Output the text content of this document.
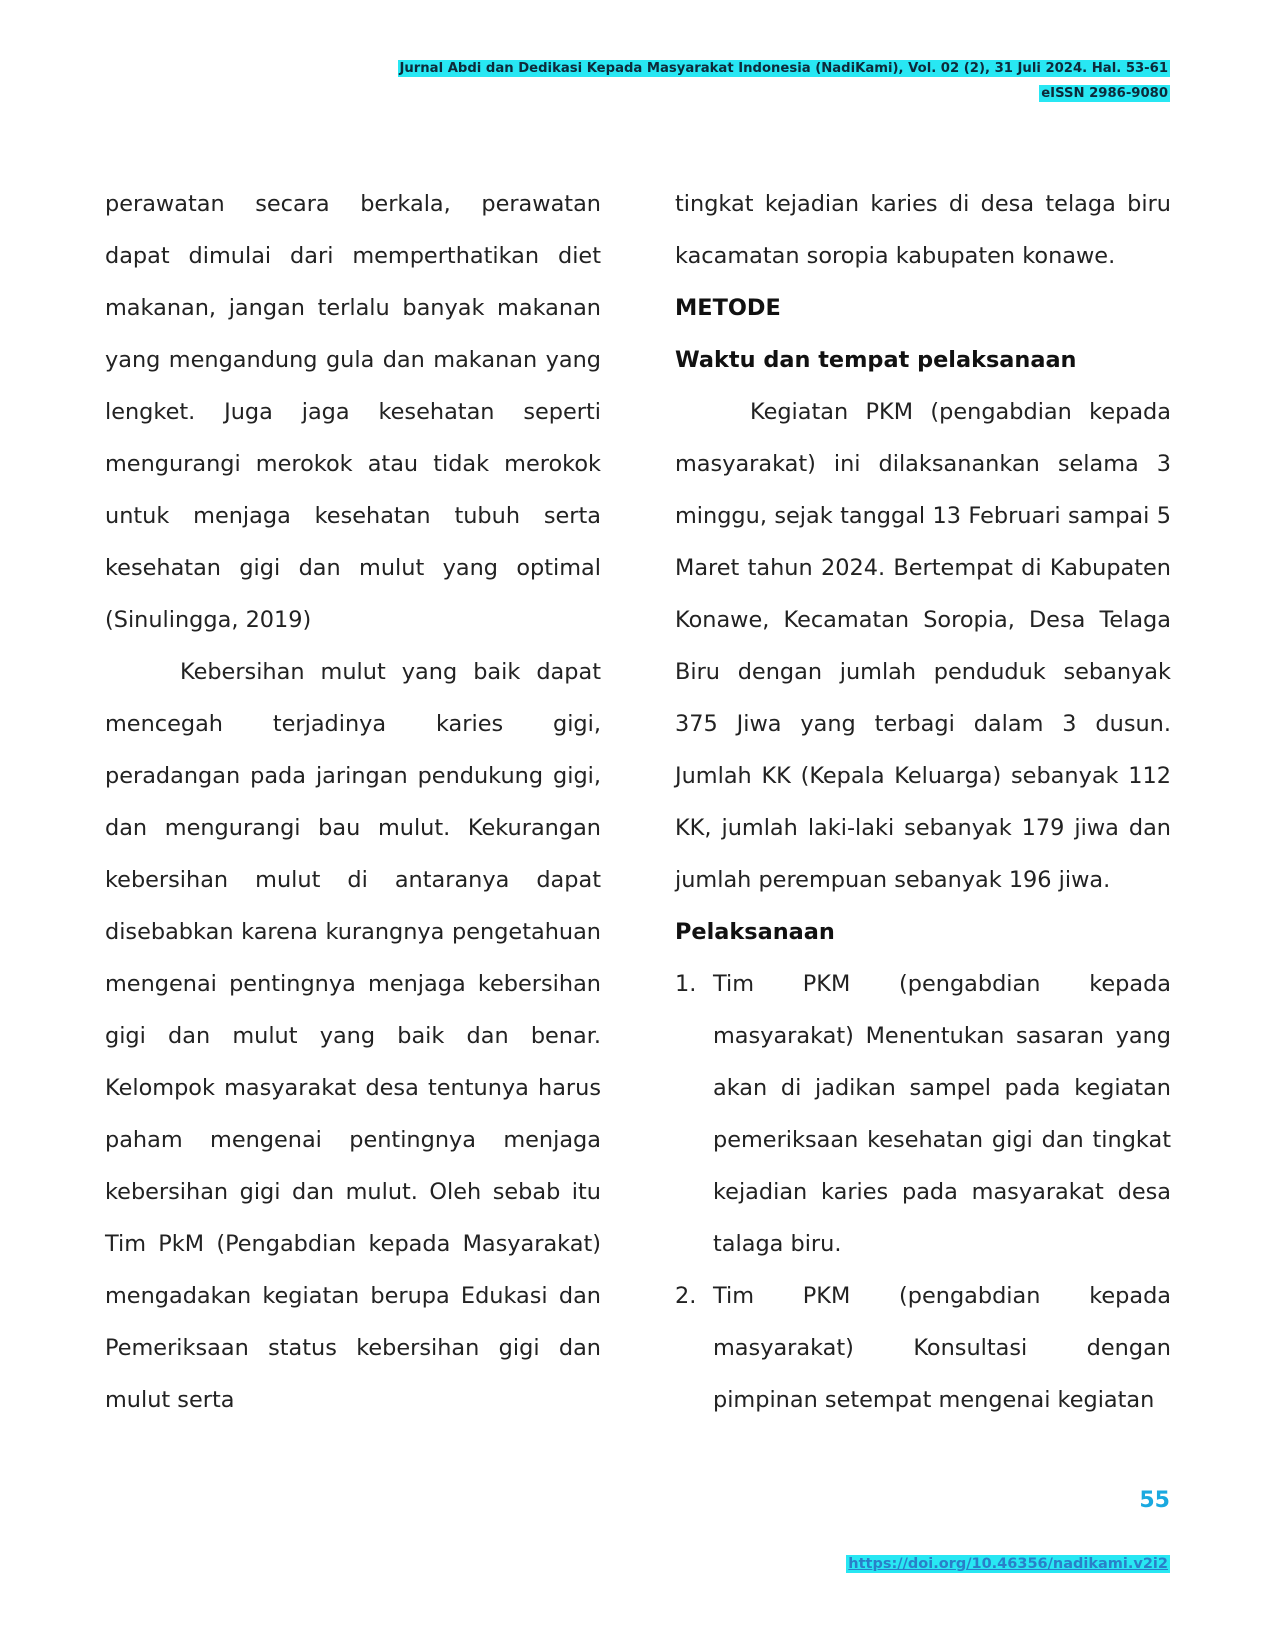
Jurnal Abdi dan Dedikasi Kepada Masyarakat Indonesia (NadiKami), Vol. 02 (2), 31 Juli 2024. Hal. 53-61
eISSN 2986-9080

perawatan secara berkala, perawatan dapat dimulai dari memperthatikan diet makanan, jangan terlalu banyak makanan yang mengandung gula dan makanan yang lengket. Juga jaga kesehatan seperti mengurangi merokok atau tidak merokok untuk menjaga kesehatan tubuh serta kesehatan gigi dan mulut yang optimal (Sinulingga, 2019)

Kebersihan mulut yang baik dapat mencegah terjadinya karies gigi, peradangan pada jaringan pendukung gigi, dan mengurangi bau mulut. Kekurangan kebersihan mulut di antaranya dapat disebabkan karena kurangnya pengetahuan mengenai pentingnya menjaga kebersihan gigi dan mulut yang baik dan benar. Kelompok masyarakat desa tentunya harus paham mengenai pentingnya menjaga kebersihan gigi dan mulut. Oleh sebab itu Tim PkM (Pengabdian kepada Masyarakat) mengadakan kegiatan berupa Edukasi dan Pemeriksaan status kebersihan gigi dan mulut serta

tingkat kejadian karies di desa telaga biru kacamatan soropia kabupaten konawe.

METODE

Waktu dan tempat pelaksanaan

Kegiatan PKM (pengabdian kepada masyarakat) ini dilaksanankan selama 3 minggu, sejak tanggal 13 Februari sampai 5 Maret tahun 2024. Bertempat di Kabupaten Konawe, Kecamatan Soropia, Desa Telaga Biru dengan jumlah penduduk sebanyak 375 Jiwa yang terbagi dalam 3 dusun. Jumlah KK (Kepala Keluarga) sebanyak 112 KK, jumlah laki-laki sebanyak 179 jiwa dan jumlah perempuan sebanyak 196 jiwa.

Pelaksanaan

1. Tim PKM (pengabdian kepada masyarakat) Menentukan sasaran yang akan di jadikan sampel pada kegiatan pemeriksaan kesehatan gigi dan tingkat kejadian karies pada masyarakat desa talaga biru.
2. Tim PKM (pengabdian kepada masyarakat) Konsultasi dengan pimpinan setempat mengenai kegiatan
55
https://doi.org/10.46356/nadikami.v2i2
